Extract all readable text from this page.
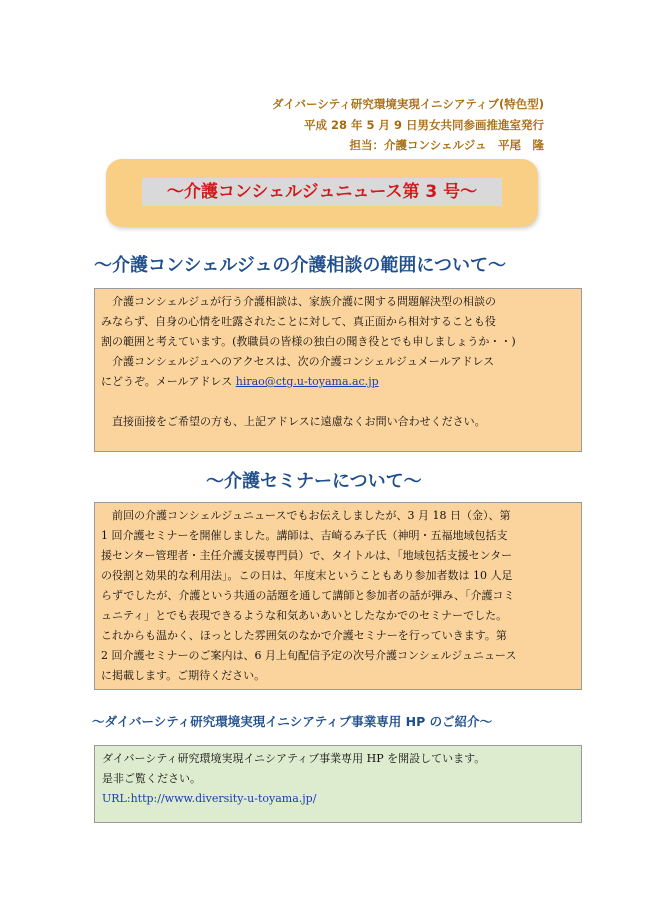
ダイバーシティ研究環境実現イニシアティブ(特色型)
平成 28 年 5 月 9 日男女共同参画推進室発行
担当：介護コンシェルジュ　平尾　隆
～介護コンシェルジュニュース第 3 号～
～介護コンシェルジュの介護相談の範囲について～

介護コンシェルジュが行う介護相談は、家族介護に関する問題解決型の相談の

みならず、自身の心情を吐露されたことに対して、真正面から相対することも役

割の範囲と考えています。(教職員の皆様の独白の聞き役とでも申しましょうか・・)

介護コンシェルジュへのアクセスは、次の介護コンシェルジュメールアドレス

にどうぞ。メールアドレス hirao@ctg.u-toyama.ac.jp

直接面接をご希望の方も、上記アドレスに遠慮なくお問い合わせください。

～介護セミナーについて～

前回の介護コンシェルジュニュースでもお伝えしましたが、3 月 18 日（金）、第

1 回介護セミナーを開催しました。講師は、吉崎るみ子氏（神明・五福地域包括支

援センター管理者・主任介護支援専門員）で、タイトルは、「地域包括支援センター

の役割と効果的な利用法」。この日は、年度末ということもあり参加者数は 10 人足

らずでしたが、介護という共通の話題を通して講師と参加者の話が弾み、「介護コミ

ュニティ」とでも表現できるような和気あいあいとしたなかでのセミナーでした。

これからも温かく、ほっとした雰囲気のなかで介護セミナーを行っていきます。第

2 回介護セミナーのご案内は、6 月上旬配信予定の次号介護コンシェルジュニュース

に掲載します。ご期待ください。

～ダイバーシティ研究環境実現イニシアティブ事業専用 HP のご紹介～

ダイバーシティ研究環境実現イニシアティブ事業専用 HP を開設しています。

是非ご覧ください。

URL:http://www.diversity-u-toyama.jp/
